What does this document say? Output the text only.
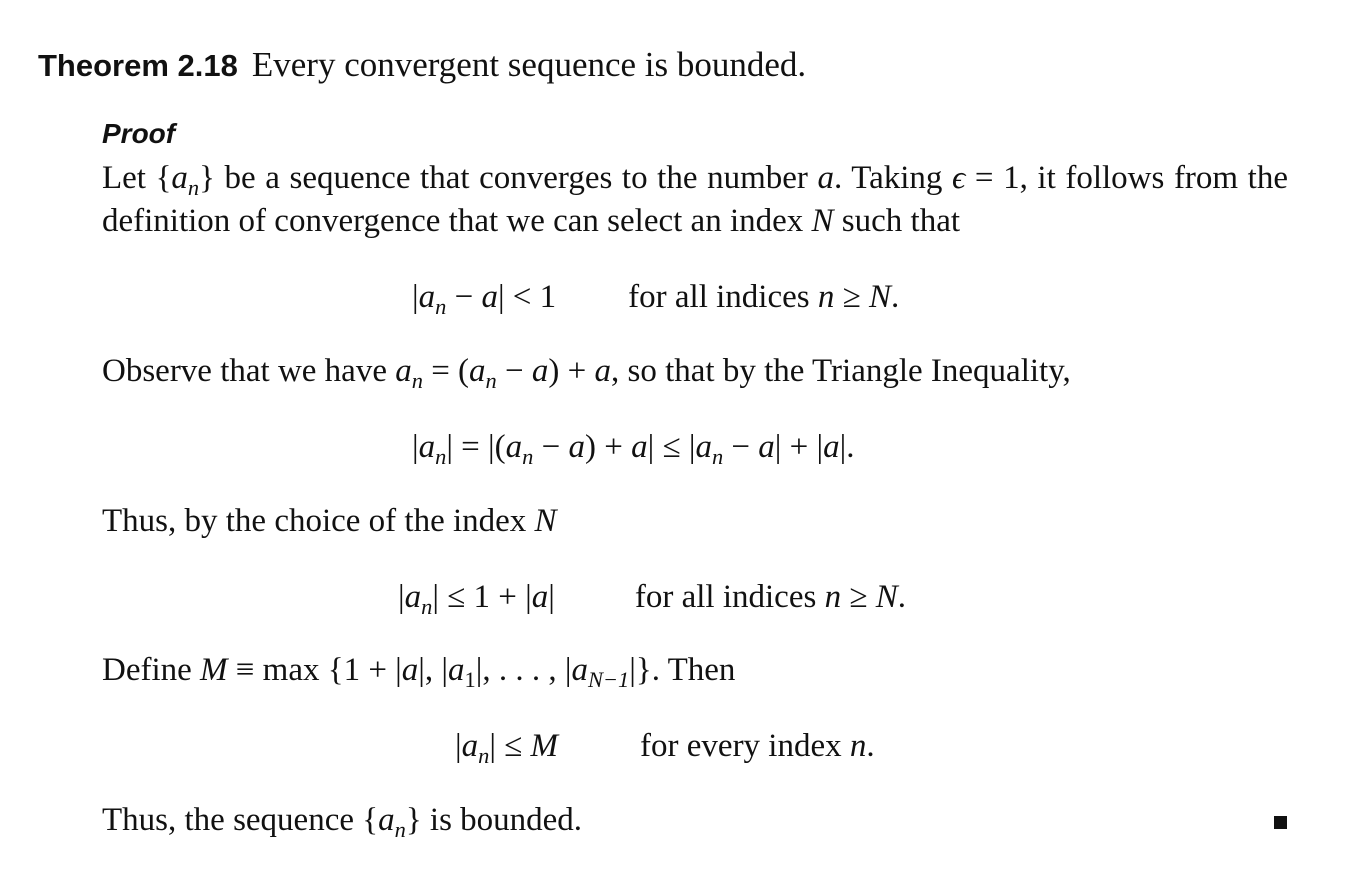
Theorem 2.18 Every convergent sequence is bounded.
Proof
Let $\{a_n\}$ be a sequence that converges to the number a. Taking ϵ = 1, it follows from the definition of convergence that we can select an index N such that
$|a_n - a| < 1$ for all indices n ≥ N.
Observe that we have $a_n = (a_n - a) + a$, so that by the Triangle Inequality,
$|a_n| = |(a_n - a) + a| \le |a_n - a| + |a|$.
Thus, by the choice of the index N
$|a_n| \le 1 + |a|$ for all indices n ≥ N.
Define M ≡ max {1 + |a|, $|a_1|$, . . . , $|a_{N-1}|$}. Then
$|a_n| \le M$ for every index n.
Thus, the sequence $\{a_n\}$ is bounded.
